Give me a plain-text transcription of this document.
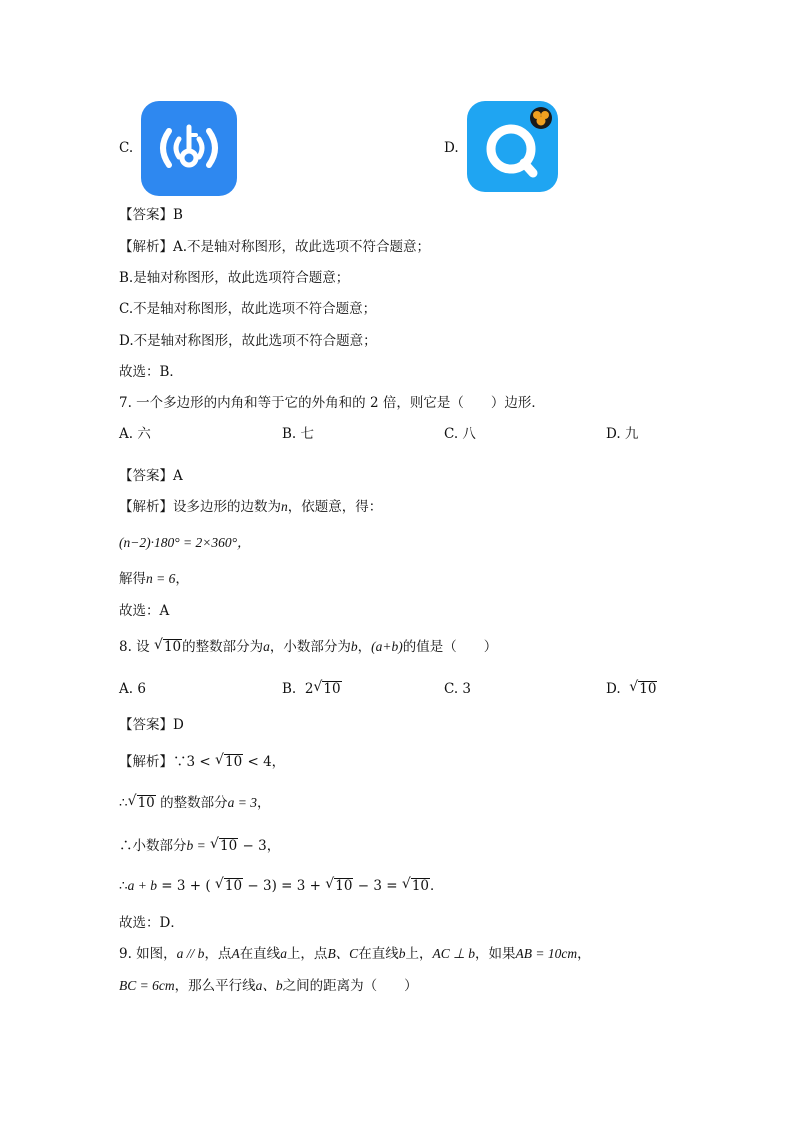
C.	D.
【答案】B
【解析】A.不是轴对称图形，故此选项不符合题意；
B.是轴对称图形，故此选项符合题意；
C.不是轴对称图形，故此选项不符合题意；
D.不是轴对称图形，故此选项不符合题意；
故选：B．
7. 一个多边形的内角和等于它的外角和的 2 倍，则它是（　　）边形．
A. 六	B. 七	C. 八	D. 九
【答案】A
【解析】设多边形的边数为n，依题意，得：
(n−2)·180° = 2×360°，
解得n = 6，
故选：A
8. 设 √ 10的整数部分为a，小数部分为b，(a+b)的值是（　　）
A. 6	B. 2 √ 10	C. 3	D. √ 10
【答案】D
【解析】∵3 < √ 10 < 4，
∴ √ 10 的整数部分a = 3，
∴小数部分b = √ 10 − 3，
∴a + b = 3 + ( √ 10 − 3) = 3 + √ 10 − 3 = √ 10．
故选：D．
9. 如图，a // b，点A在直线a上，点B、C在直线b上，AC ⊥ b，如果AB = 10cm，
BC = 6cm，那么平行线a、b之间的距离为（　　）
